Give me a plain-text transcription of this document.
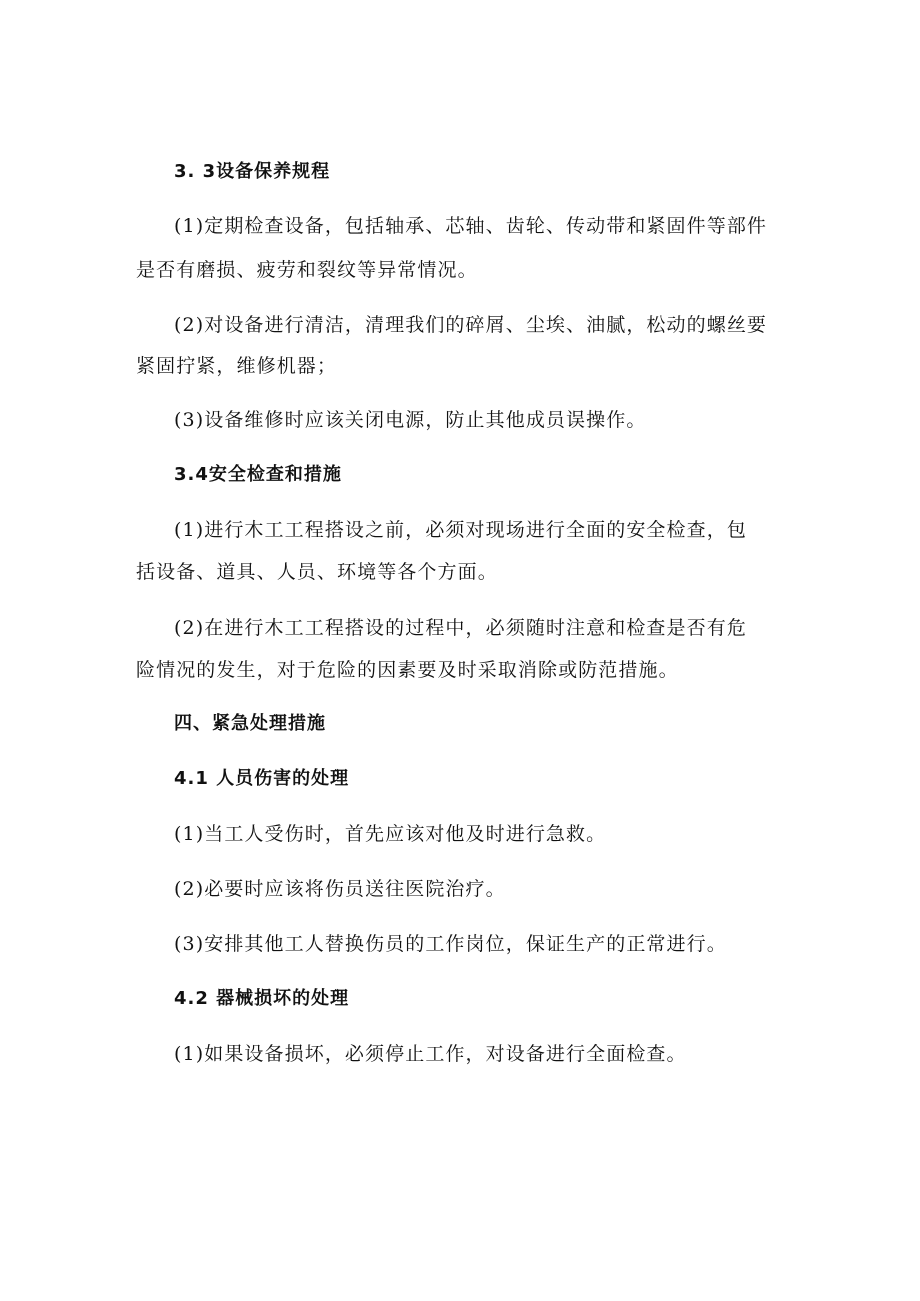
3. 3设备保养规程
(1)定期检查设备，包括轴承、芯轴、齿轮、传动带和紧固件等部件
是否有磨损、疲劳和裂纹等异常情况。
(2)对设备进行清洁，清理我们的碎屑、尘埃、油腻，松动的螺丝要
紧固拧紧，维修机器；
(3)设备维修时应该关闭电源，防止其他成员误操作。
3.4安全检查和措施
(1)进行木工工程搭设之前，必须对现场进行全面的安全检查，包
括设备、道具、人员、环境等各个方面。
(2)在进行木工工程搭设的过程中，必须随时注意和检查是否有危
险情况的发生，对于危险的因素要及时采取消除或防范措施。
四、紧急处理措施
4.1 人员伤害的处理
(1)当工人受伤时，首先应该对他及时进行急救。
(2)必要时应该将伤员送往医院治疗。
(3)安排其他工人替换伤员的工作岗位，保证生产的正常进行。
4.2 器械损坏的处理
(1)如果设备损坏，必须停止工作，对设备进行全面检查。
